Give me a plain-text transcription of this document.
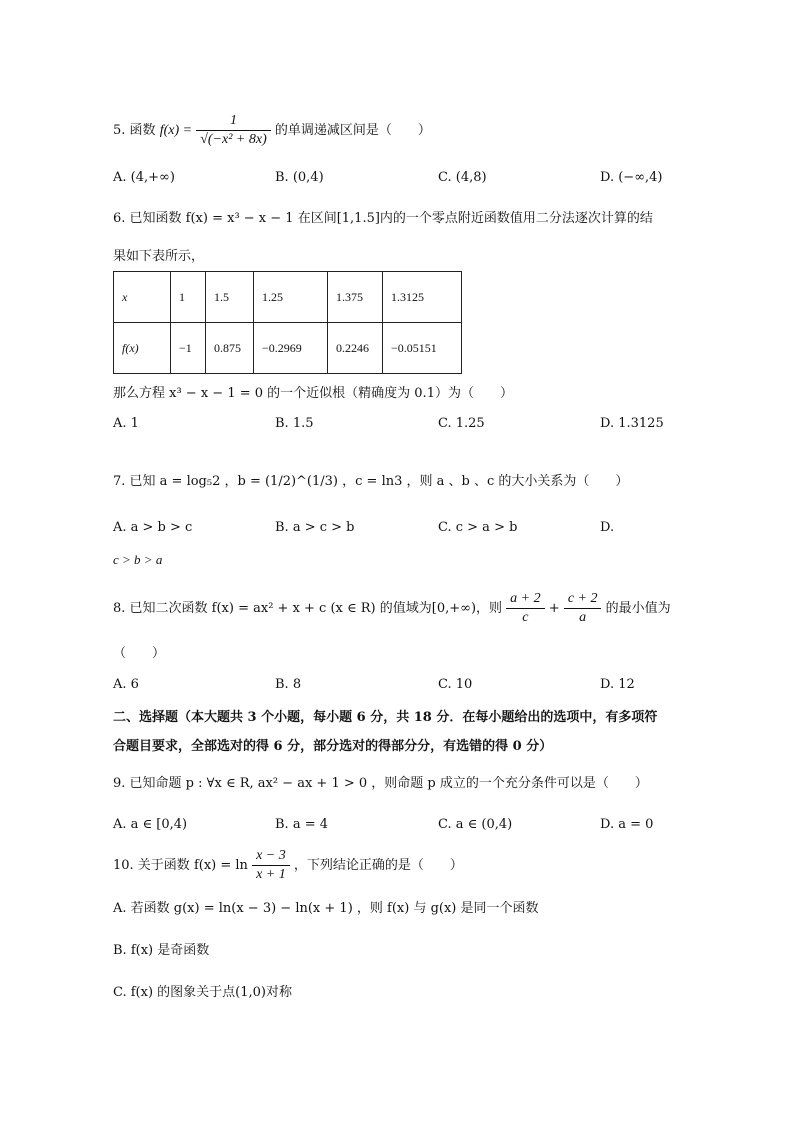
5. 函数 $f(x) = \frac{1}{\text{√(−x² + 8x)}}$ 的单调递减区间是（　　）
A. (4,+∞)	B. (0,4)	C. (4,8)	D. (−∞,4)
6. 已知函数 f(x) = x³ − x − 1 在区间[1,1.5]内的一个零点附近函数值用二分法逐次计算的结
果如下表所示，
x	1	1.5	1.25	1.375	1.3125
f(x)	−1	0.875	−0.2969	0.2246	−0.05151
那么方程 x³ − x − 1 = 0 的一个近似根（精确度为 0.1）为（　　）
A. 1	B. 1.5	C. 1.25	D. 1.3125
7. 已知 a = log₅2 ，b = (1/2)^(1/3) ，c = ln3 ，则 a 、b 、c 的大小关系为（　　）
A. a > b > c	B. a > c > b	C. c > a > b	D.
c > b > a
8. 已知二次函数 f(x) = ax² + x + c (x ∈ R) 的值域为[0,+∞)，则 $\frac{a + 2}{c} + \frac{c + 2}{a}$ 的最小值为
（　　）
A. 6	B. 8	C. 10	D. 12
二、选择题（本大题共 3 个小题，每小题 6 分，共 18 分．在每小题给出的选项中，有多项符
合题目要求，全部选对的得 6 分，部分选对的得部分分，有选错的得 0 分）
9. 已知命题 p : ∀x ∈ R, ax² − ax + 1 > 0 ，则命题 p 成立的一个充分条件可以是（　　）
A. a ∈ [0,4)	B. a = 4	C. a ∈ (0,4)	D. a = 0
10. 关于函数 $f(x) = \ln \frac{x - 3}{x + 1}$ ，下列结论正确的是（　　）
A. 若函数 g(x) = ln(x − 3) − ln(x + 1) ，则 f(x) 与 g(x) 是同一个函数
B. f(x) 是奇函数
C. f(x) 的图象关于点(1,0)对称
